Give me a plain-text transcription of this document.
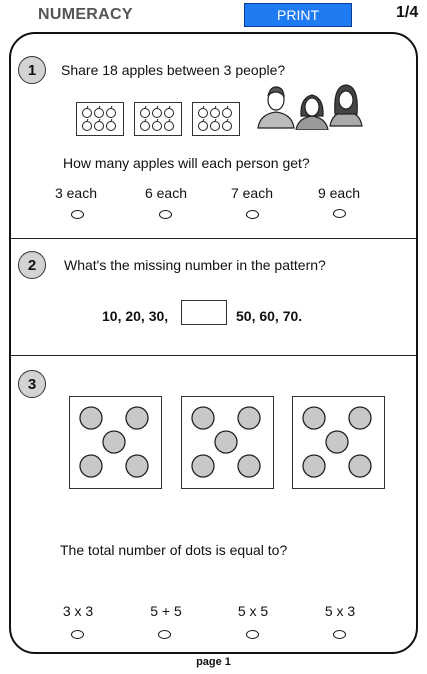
NUMERACY	PRINT	1/4
1	Share 18 apples between 3 people?
How many apples will each person get?
3 each	6 each	7 each	9 each
2	What's the missing number in the pattern?
10, 20, 30,	50, 60, 70.
3
The total number of dots is equal to?
3 x 3	5 + 5	5 x 5	5 x 3
page 1
